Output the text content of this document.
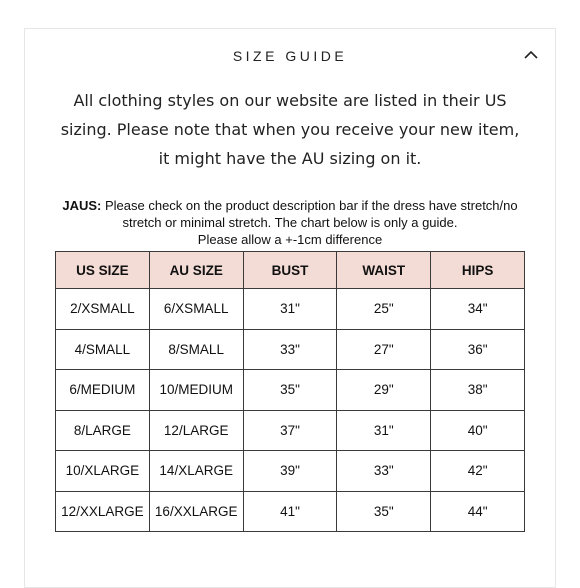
SIZE GUIDE

All clothing styles on our website are listed in their US sizing. Please note that when you receive your new item, it might have the AU sizing on it.

JAUS: Please check on the product description bar if the dress have stretch/no stretch or minimal stretch. The chart below is only a guide.
Please allow a +-1cm difference

US SIZE	AU SIZE	BUST	WAIST	HIPS
2/XSMALL	6/XSMALL	31"	25"	34"
4/SMALL	8/SMALL	33"	27"	36"
6/MEDIUM	10/MEDIUM	35"	29"	38"
8/LARGE	12/LARGE	37"	31"	40"
10/XLARGE	14/XLARGE	39"	33"	42"
12/XXLARGE	16/XXLARGE	41"	35"	44"
